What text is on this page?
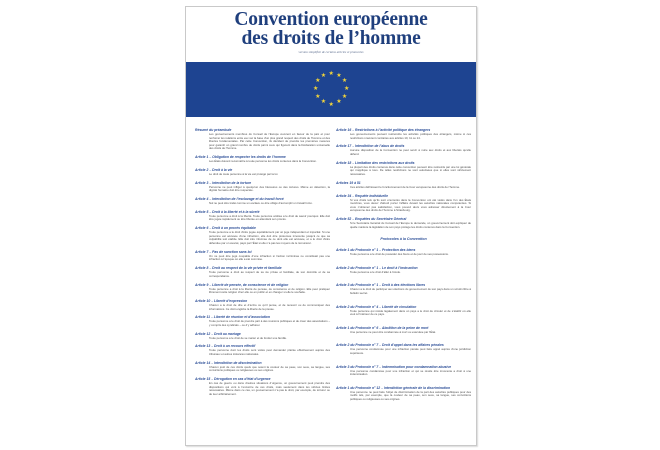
Convention européenne
des droits de l’homme
version simplifiée de certains articles et protocoles
★ ★
★
★
★
★
★
★
★
★
★
★
Résumé du préambule

Les gouvernements membres du Conseil de l’Europe œuvrent en faveur de la paix et pour renforcer les relations entre eux sur la base d’un plus grand respect des droits de l’homme et des libertés fondamentales. Par cette Convention, ils décident de prendre les premières mesures pour garantir un grand nombre de droits parmi ceux qui figurent dans la Déclaration universelle des droits de l’homme.

Article 1 – Obligation de respecter les droits de l’homme

Les États doivent reconnaître à toute personne les droits contenus dans la Convention.

Article 2 – Droit à la vie

Le droit de toute personne à la vie est protégé par la loi.

Article 3 – Interdiction de la torture

Personne ne peut infliger à quelqu’un des blessures ou des tortures. Même en détention, la dignité humaine doit être respectée.

Article 4 – Interdiction de l’esclavage et du travail forcé

Nul ne peut être traité comme un esclave ou être obligé d’accomplir un travail forcé.

Article 5 – Droit à la liberté et à la sûreté

Toute personne a droit à la liberté. Toute personne arrêtée a le droit de savoir pourquoi. Elle doit être jugée rapidement ou être libérée en attendant son procès.

Article 6 – Droit à un procès équitable

Toute personne a le droit d’être jugée équitablement par un juge indépendant et impartial. Si une personne est accusée d’une infraction, elle doit être présumée innocente jusqu’à ce que sa culpabilité soit établie. Elle doit être informée de ce dont elle est accusée, et a le droit d’être défendue par un avocat, payé par l’État si elle n’a pas les moyens de le rémunérer.

Article 7 – Pas de sanction sans loi

On ne peut être jugé coupable d’une infraction si l’action incriminée ne constituait pas une infraction à l’époque où elle a été commise.

Article 8 – Droit au respect de la vie privée et familiale

Toute personne a droit au respect de sa vie privée et familiale, de son domicile et de sa correspondance.

Article 9 – Liberté de pensée, de conscience et de religion

Toute personne a droit à la liberté de pensée, de conscience et de religion. Elle peut pratiquer librement cette religion chez elle ou en public et en changer si elle le souhaite.

Article 10 – Liberté d’expression

Chacun a le droit de dire et d’écrire ce qu’il pense, et de recevoir ou de communiquer des informations. Ce droit englobe la liberté de la presse.

Article 11 – Liberté de réunion et d’association

Toute personne a le droit de prendre part à des réunions publiques et de créer des associations – y compris des syndicats – ou d’y adhérer.

Article 12 – Droit au mariage

Toute personne a le droit de se marier et de fonder une famille.

Article 13 – Droit à un recours effectif

Toute personne dont les droits sont violés peut demander plainte effectivement auprès des tribunaux et autres instances nationales.

Article 14 – Interdiction de discrimination

Chacun jouit de ces droits quels que soient la couleur de sa peau, son sexe, sa langue, ses convictions politiques ou religieuses ou ses origines.

Article 15 – Dérogation en cas d’état d’urgence

En cas de guerre ou dans d’autres situations d’urgence, un gouvernement peut prendre des dispositions qui vont à l’encontre de ces droits, mais seulement dans les strictes limites nécessaires. Même dans ce cas, un gouvernement n’a pas le droit, par exemple, de torturer ou de tuer arbitrairement.

Article 16 – Restrictions à l’activité politique des étrangers

Les gouvernements peuvent restreindre les activités politiques des étrangers, même si ces restrictions s’avèrent contraires aux articles 10, 11 ou 14.

Article 17 – Interdiction de l’abus de droits

Aucune disposition de la Convention ne peut servir à nuire aux droits et aux libertés qu’elle défend.

Article 18 – Limitation des restrictions aux droits

La plupart des droits contenus dans cette convention peuvent être restreints par une loi générale qui s’applique à tous. De telles restrictions ne sont autorisées que si elles sont strictement nécessaires.

Articles 19 à 51

Ces articles définissent le fonctionnement de la Cour européenne des droits de l’homme.

Article 34 – Requête individuelle

Si vos droits tels qu’ils sont énumérés dans la Convention ont été violés dans l’un des États membres, vous devez d’abord porter l’affaire devant les autorités nationales compétentes. Si vous n’obtenez pas satisfaction, vous pouvez alors vous adresser directement à la Cour européenne des droits de l’homme à Strasbourg.

Article 52 – Enquêtes du Secrétaire Général

Si le Secrétaire Général du Conseil de l’Europe le demande, un gouvernement doit expliquer de quelle manière la législation de son pays protège les droits contenus dans la Convention.

Protocoles à la Convention
Article 1 du Protocole n° 1 – Protection des biens

Toute personne a le droit de posséder des biens et de jouir de ses possessions.

Article 2 du Protocole n° 1 – Le droit à l’instruction

Toute personne a le droit d’aller à l’école.

Article 3 du Protocole n° 1 – Droit à des élections libres

Chacun a le droit de participer aux élections du gouvernement de son pays dans un scrutin libre à bulletin secret.

Article 2 du Protocole n° 4 – Liberté de circulation

Toute personne qui réside légalement dans un pays a le droit de circuler et de s’établir où elle veut à l’intérieur de ce pays.

Article 1 du Protocole n° 6 – Abolition de la peine de mort

Une personne ne peut être condamnée à mort ou exécutée par l’État.

Article 2 du Protocole n° 7 – Droit d’appel dans les affaires pénales

Une personne condamnée pour une infraction pénale peut faire appel auprès d’une juridiction supérieure.

Article 3 du Protocole n° 7 – Indemnisation pour condamnation abusive

Une personne condamnée pour une infraction et qui se révèle être innocente a droit à une indemnisation.

Article 1 du Protocole n° 12 – Interdiction générale de la discrimination

Une personne ne peut faire l’objet de discrimination de la part des autorités publiques pour des motifs tels, par exemple, que la couleur de sa peau, son sexe, sa langue, ses convictions politiques ou religieuses ou ses origines.
